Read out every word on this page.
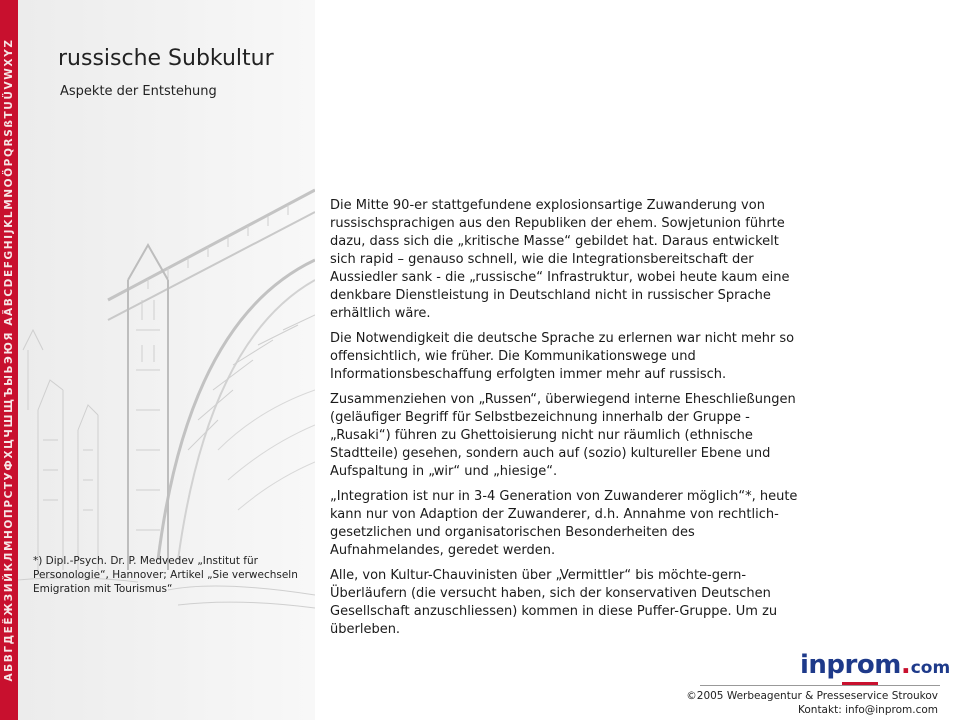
АБВГДЕЁЖЗИЙКЛМНОПРСТУФХЦЧШЩЪЫЬЭЮЯ AÄBCDEFGHIJKLMNOÖPQRSßTUÜVWXYZ russische Subkultur

Aspekte der Entstehung

*) Dipl.-Psych. Dr. P. Medvedev „Institut für Personologie“, Hannover; Artikel „Sie verwechseln Emigration mit Tourismus“

Die Mitte 90-er stattgefundene explosionsartige Zuwanderung von russischsprachigen aus den Republiken der ehem. Sowjetunion führte dazu, dass sich die „kritische Masse“ gebildet hat. Daraus entwickelt sich rapid – genauso schnell, wie die Integrationsbereitschaft der Aussiedler sank - die „russische“ Infrastruktur, wobei heute kaum eine denkbare Dienstleistung in Deutschland nicht in russischer Sprache erhältlich wäre.

Die Notwendigkeit die deutsche Sprache zu erlernen war nicht mehr so offensichtlich, wie früher. Die Kommunikationswege und Informationsbeschaffung erfolgten immer mehr auf russisch.

Zusammenziehen von „Russen“, überwiegend interne Eheschließungen (geläufiger Begriff für Selbstbezeichnung innerhalb der Gruppe - „Rusaki“) führen zu Ghettoisierung nicht nur räumlich (ethnische Stadtteile) gesehen, sondern auch auf (sozio) kultureller Ebene und Aufspaltung in „wir“ und „hiesige“.

„Integration ist nur in 3-4 Generation von Zuwanderer möglich“*, heute kann nur von Adaption der Zuwanderer, d.h. Annahme von rechtlich-gesetzlichen und organisatorischen Besonderheiten des Aufnahmelandes, geredet werden.

Alle, von Kultur-Chauvinisten über „Vermittler“ bis möchte-gern-Überläufern (die versucht haben, sich der konservativen Deutschen Gesellschaft anzuschliessen) kommen in diese Puffer-Gruppe. Um zu überleben.

inprom.com
©2005 Werbeagentur & Presseservice Stroukov
Kontakt: info@inprom.com
